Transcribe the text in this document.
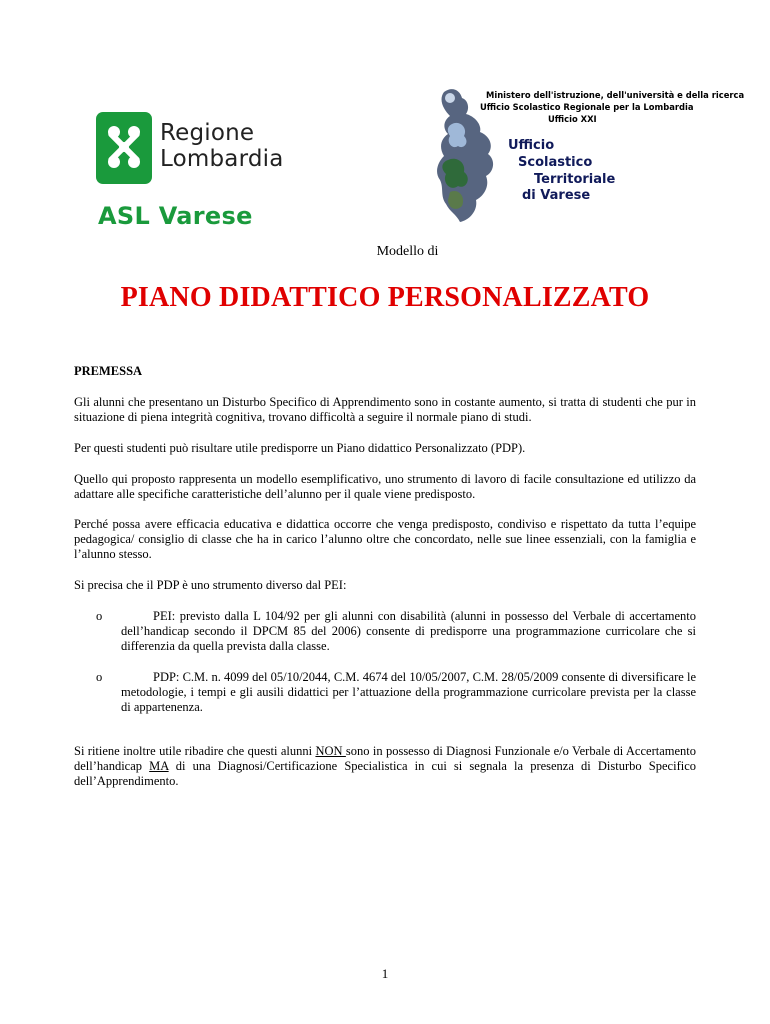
Regione
Lombardia
ASL Varese
Ministero dell'istruzione, dell'università e della ricerca
Ufficio Scolastico Regionale per la Lombardia
Ufficio XXI
Ufficio
Scolastico
Territoriale
di Varese
Modello di
PIANO DIDATTICO PERSONALIZZATO
PREMESSA
Gli alunni che presentano un Disturbo Specifico di Apprendimento sono in costante aumento, si tratta di studenti che pur in situazione di piena integrità cognitiva, trovano difficoltà a seguire il normale piano di studi.
Per questi studenti può risultare utile predisporre un Piano didattico Personalizzato (PDP).
Quello qui proposto rappresenta un modello esemplificativo, uno strumento di lavoro di facile consultazione ed utilizzo da adattare alle specifiche caratteristiche dell’alunno per il quale viene predisposto.
Perché possa avere efficacia educativa e didattica occorre che venga predisposto, condiviso e rispettato da tutta l’equipe pedagogica/ consiglio di classe che ha in carico l’alunno oltre che concordato, nelle sue linee essenziali, con la famiglia e l’alunno stesso.
Si precisa che il PDP è uno strumento diverso dal PEI:
o	PEI: previsto dalla L 104/92 per gli alunni con disabilità (alunni in possesso del Verbale di accertamento dell’handicap secondo il DPCM 85 del 2006) consente di predisporre una programmazione curricolare che si differenzia da quella prevista dalla classe.
o	PDP: C.M. n. 4099 del 05/10/2044, C.M. 4674 del 10/05/2007, C.M. 28/05/2009 consente di diversificare le metodologie, i tempi e gli ausili didattici per l’attuazione della programmazione curricolare prevista per la classe di appartenenza.
Si ritiene inoltre utile ribadire che questi alunni NON sono in possesso di Diagnosi Funzionale e/o Verbale di Accertamento dell’handicap MA di una Diagnosi/Certificazione Specialistica in cui si segnala la presenza di Disturbo Specifico dell’Apprendimento.
1
